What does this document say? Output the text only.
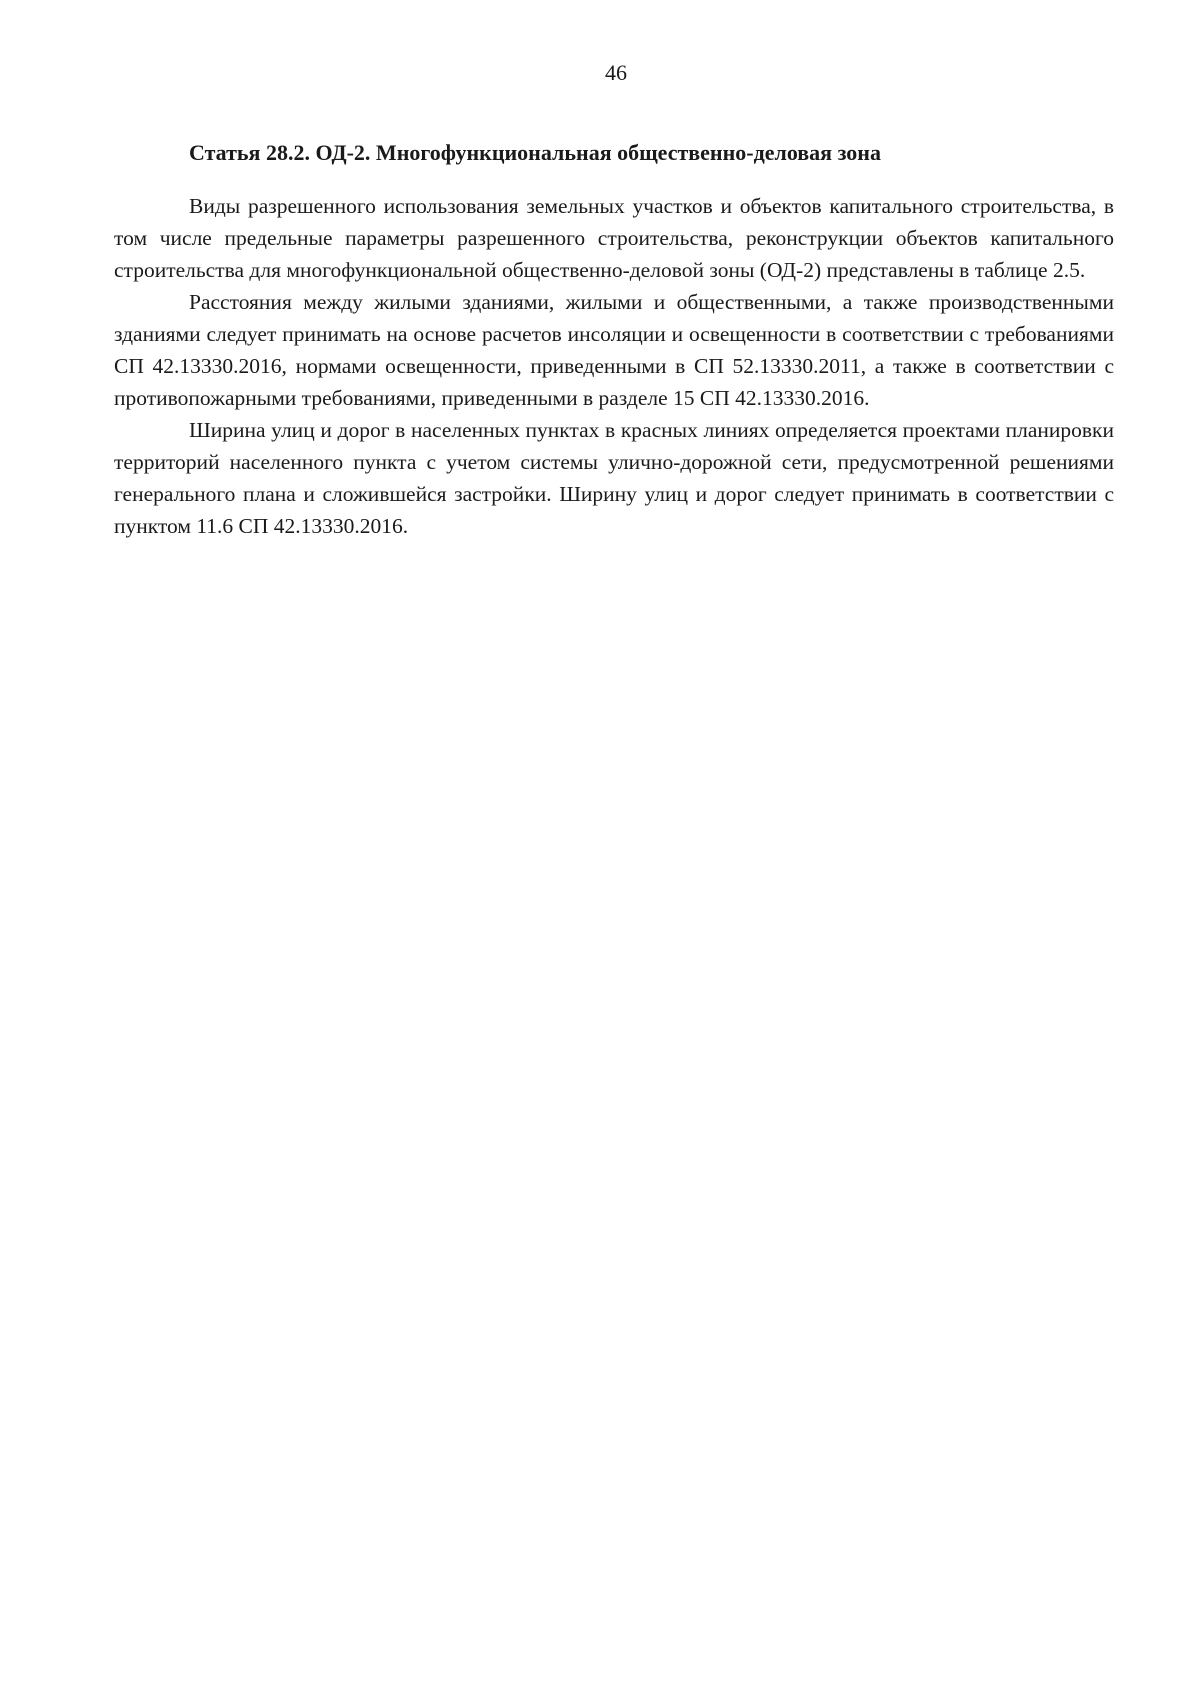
46
Статья 28.2. ОД-2. Многофункциональная общественно-деловая зона

Виды разрешенного использования земельных участков и объектов капитального строительства, в том числе предельные параметры разрешенного строительства, реконструкции объектов капитального строительства для многофункциональной общественно-деловой зоны (ОД-2) представлены в таблице 2.5.

Расстояния между жилыми зданиями, жилыми и общественными, а также производственными зданиями следует принимать на основе расчетов инсоляции и освещенности в соответствии с требованиями СП 42.13330.2016, нормами освещенности, приведенными в СП 52.13330.2011, а также в соответствии с противопожарными требованиями, приведенными в разделе 15 СП 42.13330.2016.

Ширина улиц и дорог в населенных пунктах в красных линиях определяется проектами планировки территорий населенного пункта с учетом системы улично-дорожной сети, предусмотренной решениями генерального плана и сложившейся застройки. Ширину улиц и дорог следует принимать в соответствии с пунктом 11.6 СП 42.13330.2016.
